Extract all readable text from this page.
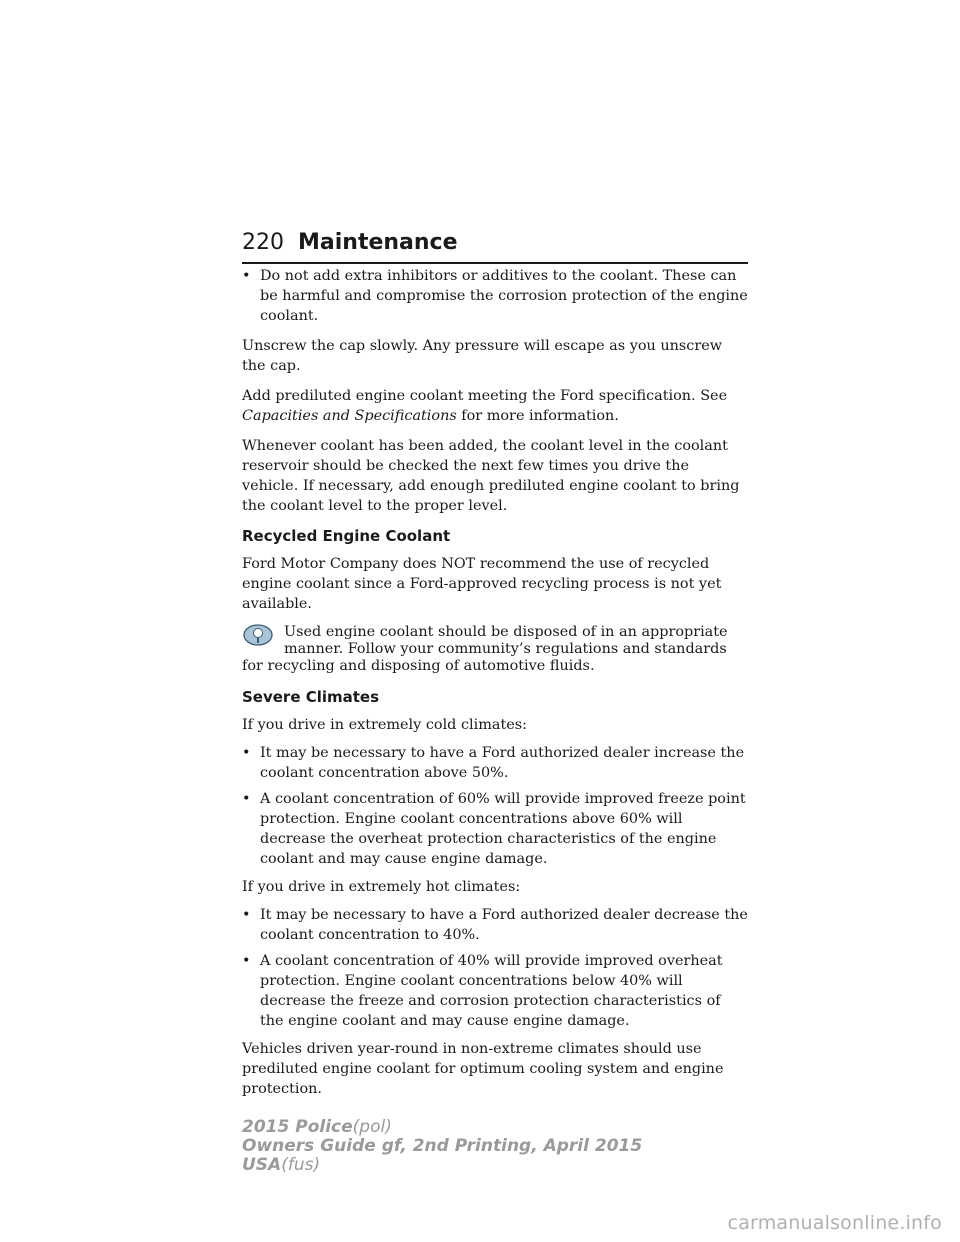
220 Maintenance
• Do not add extra inhibitors or additives to the coolant. These can be harmful and compromise the corrosion protection of the engine coolant.

Unscrew the cap slowly. Any pressure will escape as you unscrew the cap.

Add prediluted engine coolant meeting the Ford specification. See Capacities and Specifications for more information.

Whenever coolant has been added, the coolant level in the coolant reservoir should be checked the next few times you drive the vehicle. If necessary, add enough prediluted engine coolant to bring the coolant level to the proper level.

Recycled Engine Coolant

Ford Motor Company does NOT recommend the use of recycled engine coolant since a Ford-approved recycling process is not yet available.

Used engine coolant should be disposed of in an appropriate manner. Follow your community’s regulations and standards for recycling and disposing of automotive fluids.
Severe Climates

If you drive in extremely cold climates:

• It may be necessary to have a Ford authorized dealer increase the coolant concentration above 50%.
• A coolant concentration of 60% will provide improved freeze point protection. Engine coolant concentrations above 60% will decrease the overheat protection characteristics of the engine coolant and may cause engine damage.

If you drive in extremely hot climates:

• It may be necessary to have a Ford authorized dealer decrease the coolant concentration to 40%.
• A coolant concentration of 40% will provide improved overheat protection. Engine coolant concentrations below 40% will decrease the freeze and corrosion protection characteristics of the engine coolant and may cause engine damage.

Vehicles driven year-round in non-extreme climates should use prediluted engine coolant for optimum cooling system and engine protection.

2015 Police(pol)
Owners Guide gf, 2nd Printing, April 2015
USA(fus)
carmanualsonline.info
